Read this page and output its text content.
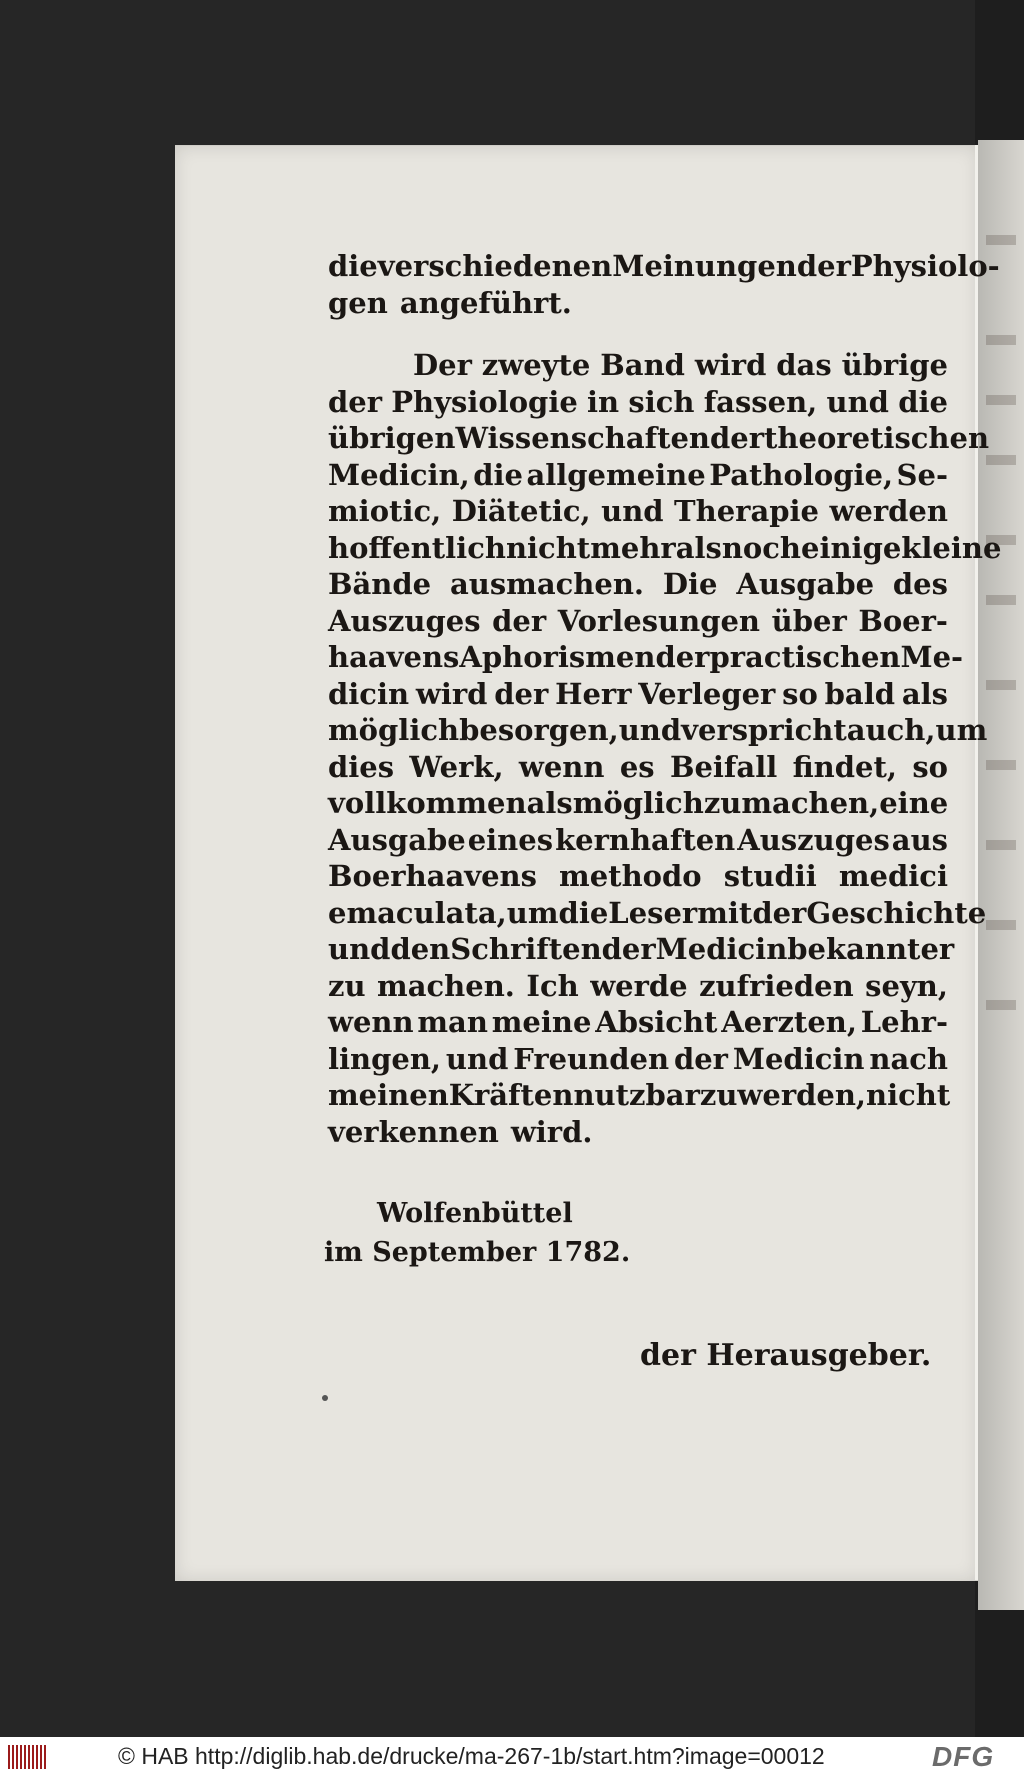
die verschiedenen Meinungen der Physiolo-
gen angeführt.
Der zweyte Band wird das übrige
der Physiologie in sich fassen, und die
übrigen Wissenschaften der theoretischen
Medicin, die allgemeine Pathologie, Se-
miotic, Diätetic, und Therapie werden
hoffentlich nicht mehr als noch einige kleine
Bände ausmachen. Die Ausgabe des
Auszuges der Vorlesungen über Boer-
haavens Aphorismen der practischen Me-
dicin wird der Herr Verleger so bald als
möglich besorgen, und verspricht auch, um
dies Werk, wenn es Beifall findet, so
vollkommen als möglich zu machen, eine
Ausgabe eines kernhaften Auszuges aus
Boerhaavens methodo studii medici
emaculata, um die Leser mit der Geschichte
und den Schriften der Medicin bekannter
zu machen. Ich werde zufrieden seyn,
wenn man meine Absicht Aerzten, Lehr-
lingen, und Freunden der Medicin nach
meinen Kräften nutzbar zu werden, nicht
verkennen wird.
Wolfenbüttel
im September 1782.
der Herausgeber.
© HAB http://diglib.hab.de/drucke/ma-267-1b/start.htm?image=00012	DFG
